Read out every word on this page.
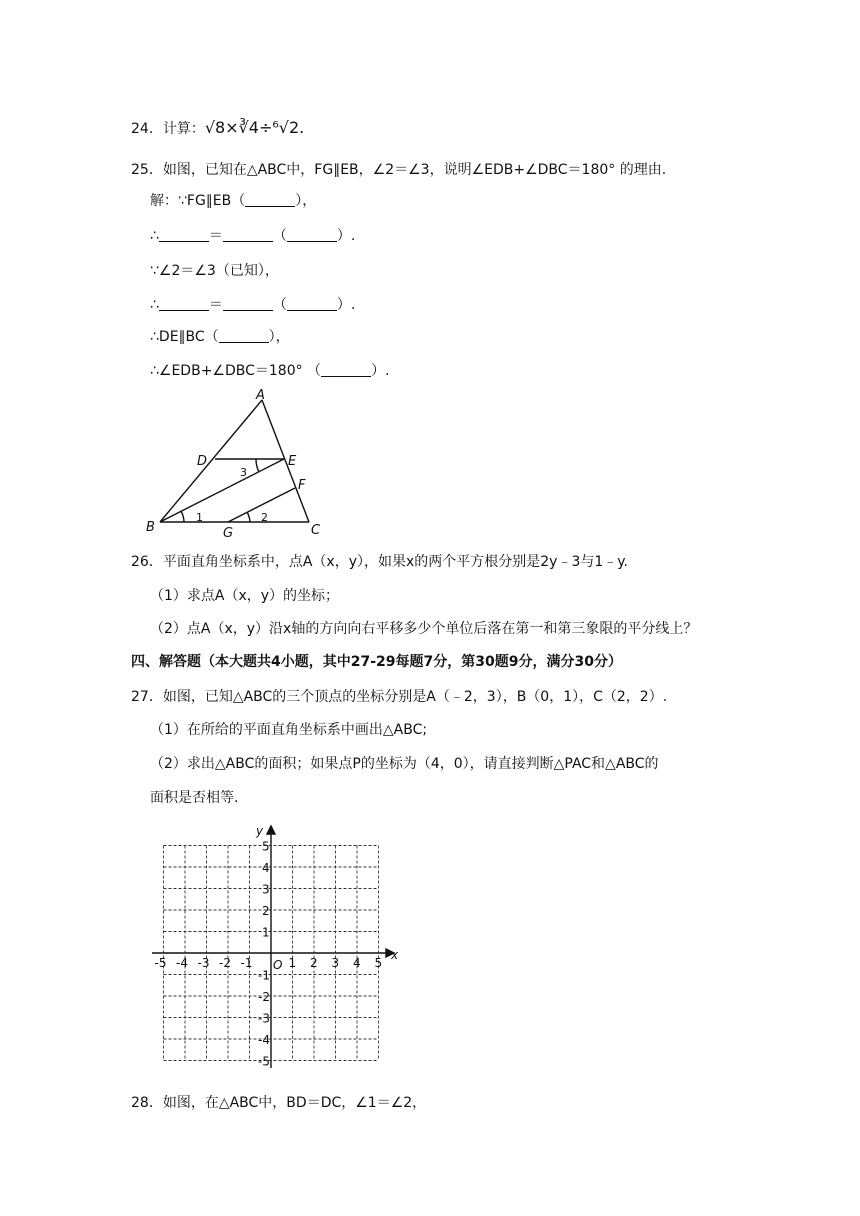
24．计算：√8×∛4÷⁶√2.
25．如图，已知在△ABC中，FG∥EB，∠2＝∠3，说明∠EDB+∠DBC＝180° 的理由.
解：∵FG∥EB（	），
∴	＝	（	）.
∵∠2＝∠3（已知），
∴	＝	（	）.
∴DE∥BC（	），
∴∠EDB+∠DBC＝180° （	）.
A
D	E
F
B	G	C
3
1	2
26．平面直角坐标系中，点A（x，y），如果x的两个平方根分别是2y﹣3与1﹣y.
（1）求点A（x，y）的坐标；
（2）点A（x，y）沿x轴的方向向右平移多少个单位后落在第一和第三象限的平分线上？
四、解答题（本大题共4小题，其中27-29每题7分，第30题9分，满分30分）
27．如图，已知△ABC的三个顶点的坐标分别是A（﹣2，3），B（0，1），C（2，2）.
（1）在所给的平面直角坐标系中画出△ABC;
（2）求出△ABC的面积；如果点P的坐标为（4，0），请直接判断△PAC和△ABC的
面积是否相等.
x
y
O
-5 -4 -3 -2 -1	1 2 3 4 5
5
4
3
2
1
-1
-2
-3
-4
-5
28．如图，在△ABC中，BD＝DC，∠1＝∠2，
